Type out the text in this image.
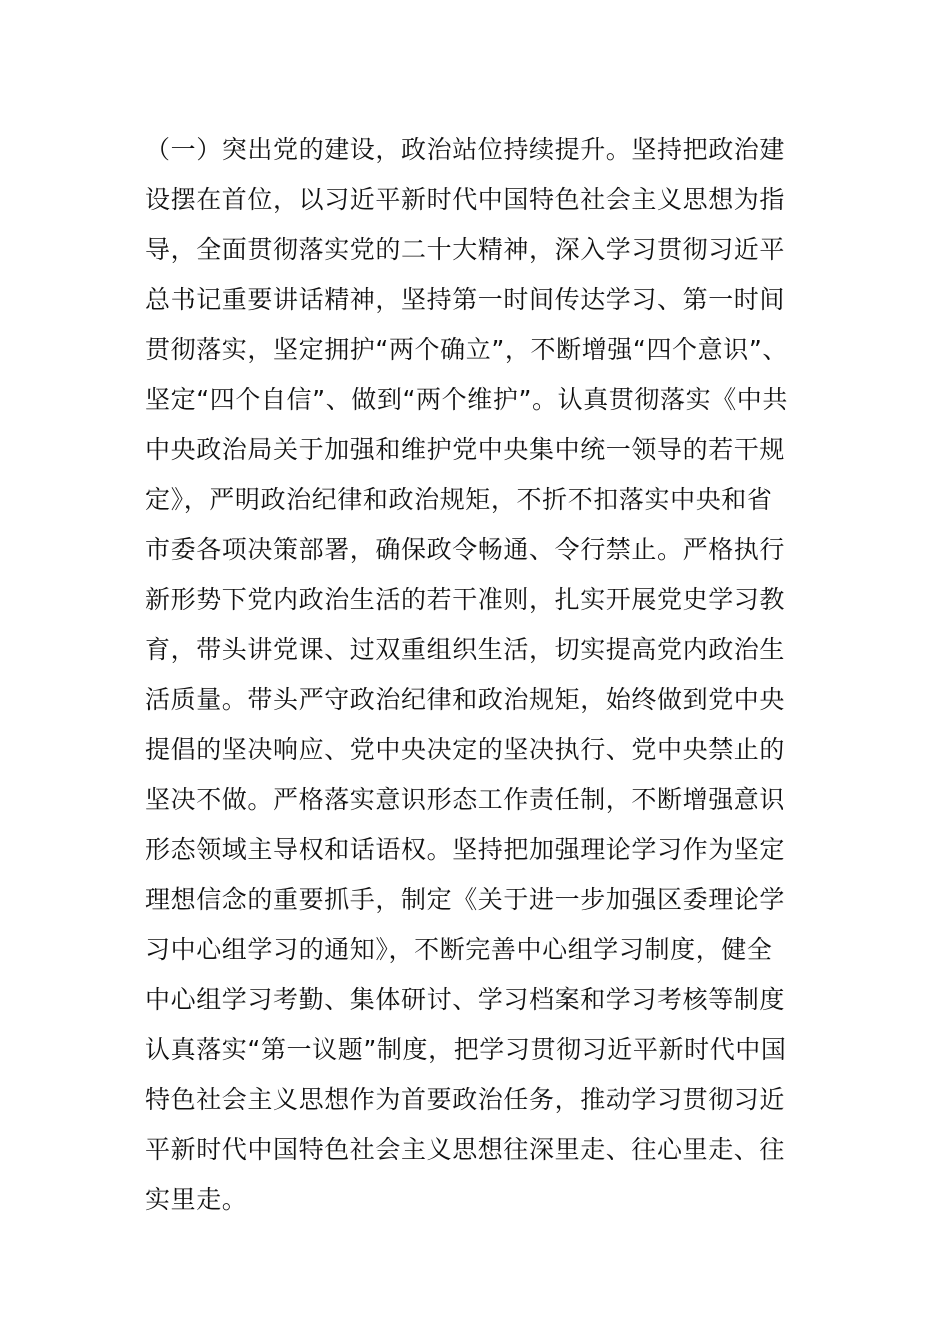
（一）突出党的建设，政治站位持续提升。坚持把政治建
设摆在首位，以习近平新时代中国特色社会主义思想为指
导，全面贯彻落实党的二十大精神，深入学习贯彻习近平
总书记重要讲话精神，坚持第一时间传达学习、第一时间
贯彻落实，坚定拥护“两个确立”，不断增强“四个意识”、
坚定“四个自信”、做到“两个维护”。认真贯彻落实《中共
中央政治局关于加强和维护党中央集中统一领导的若干规
定》，严明政治纪律和政治规矩，不折不扣落实中央和省
市委各项决策部署，确保政令畅通、令行禁止。严格执行
新形势下党内政治生活的若干准则，扎实开展党史学习教
育，带头讲党课、过双重组织生活，切实提高党内政治生
活质量。带头严守政治纪律和政治规矩，始终做到党中央
提倡的坚决响应、党中央决定的坚决执行、党中央禁止的
坚决不做。严格落实意识形态工作责任制，不断增强意识
形态领域主导权和话语权。坚持把加强理论学习作为坚定
理想信念的重要抓手，制定《关于进一步加强区委理论学
习中心组学习的通知》，不断完善中心组学习制度，健全
中心组学习考勤、集体研讨、学习档案和学习考核等制度
认真落实“第一议题”制度，把学习贯彻习近平新时代中国
特色社会主义思想作为首要政治任务，推动学习贯彻习近
平新时代中国特色社会主义思想往深里走、往心里走、往
实里走。
